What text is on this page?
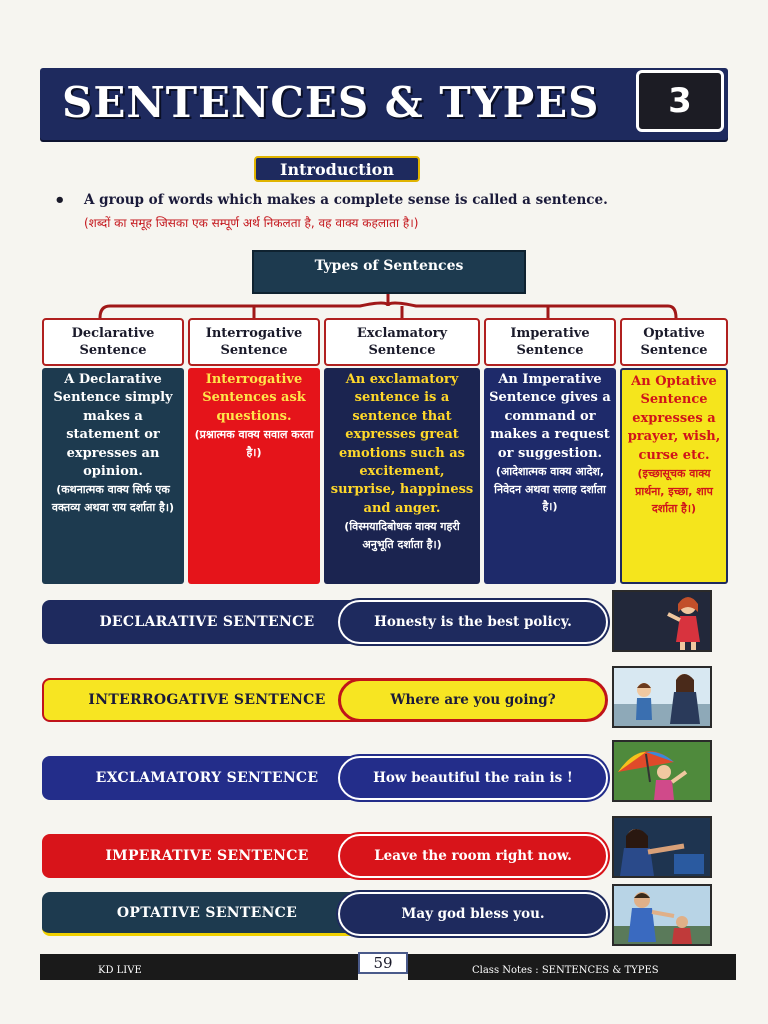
SENTENCES & TYPES	3
Introduction
• A group of words which makes a complete sense is called a sentence.
(शब्दों का समूह जिसका एक सम्पूर्ण अर्थ निकलता है, वह वाक्य कहलाता है।)
Types of Sentences
Declarative
Sentence
A Declarative Sentence simply makes a statement or expresses an opinion.
(कथनात्मक वाक्य सिर्फ एक वक्तव्य अथवा राय दर्शाता है।)
Interrogative
Sentence
Interrogative Sentences ask questions.
(प्रश्नात्मक वाक्य सवाल करता है।)
Exclamatory
Sentence
An exclamatory sentence is a sentence that expresses great emotions such as excitement, surprise, happiness and anger.
(विस्मयादिबोधक वाक्य गहरी अनुभूति दर्शाता है।)
Imperative
Sentence
An Imperative Sentence gives a command or makes a request or suggestion.
(आदेशात्मक वाक्य आदेश, निवेदन अथवा सलाह दर्शाता है।)
Optative
Sentence
An Optative Sentence expresses a prayer, wish, curse etc.
(इच्छासूचक वाक्य प्रार्थना, इच्छा, शाप दर्शाता है।)
DECLARATIVE SENTENCE	Honesty is the best policy.
INTERROGATIVE SENTENCE	Where are you going?
EXCLAMATORY SENTENCE	How beautiful the rain is !
IMPERATIVE SENTENCE	Leave the room right now.
OPTATIVE SENTENCE	May god bless you.
KD LIVE	59	Class Notes : SENTENCES & TYPES
